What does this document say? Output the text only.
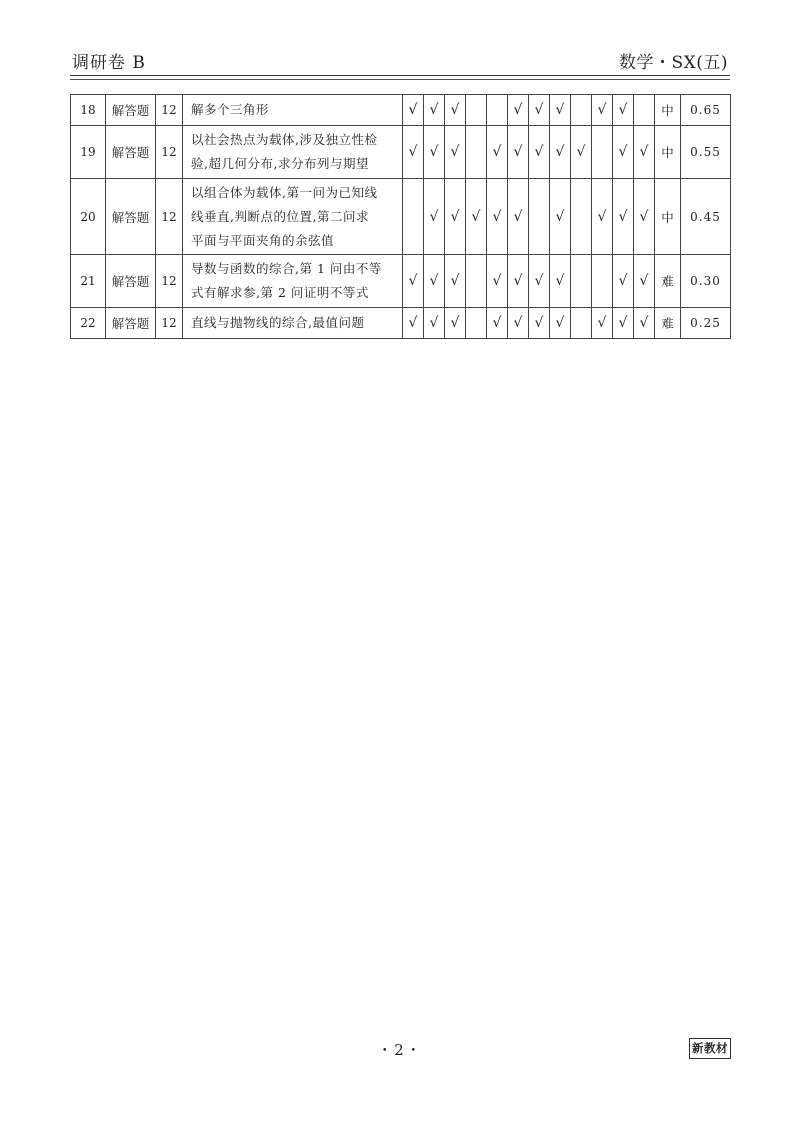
调研卷 B	数学・SX(五)
18	解答题	12	解多个三角形	√	√	√			√	√	√		√	√		中	0.65
19	解答题	12	以社会热点为载体,涉及独立性检
验,超几何分布,求分布列与期望	√	√	√		√	√	√	√	√		√	√	中	0.55
20	解答题	12	以组合体为载体,第一问为已知线
线垂直,判断点的位置,第二问求
平面与平面夹角的余弦值		√	√	√	√	√		√		√	√	√	中	0.45
21	解答题	12	导数与函数的综合,第 1 问由不等
式有解求参,第 2 问证明不等式	√	√	√		√	√	√	√			√	√	难	0.30
22	解答题	12	直线与抛物线的综合,最值问题	√	√	√		√	√	√	√		√	√	√	难	0.25
・2・	新教材
